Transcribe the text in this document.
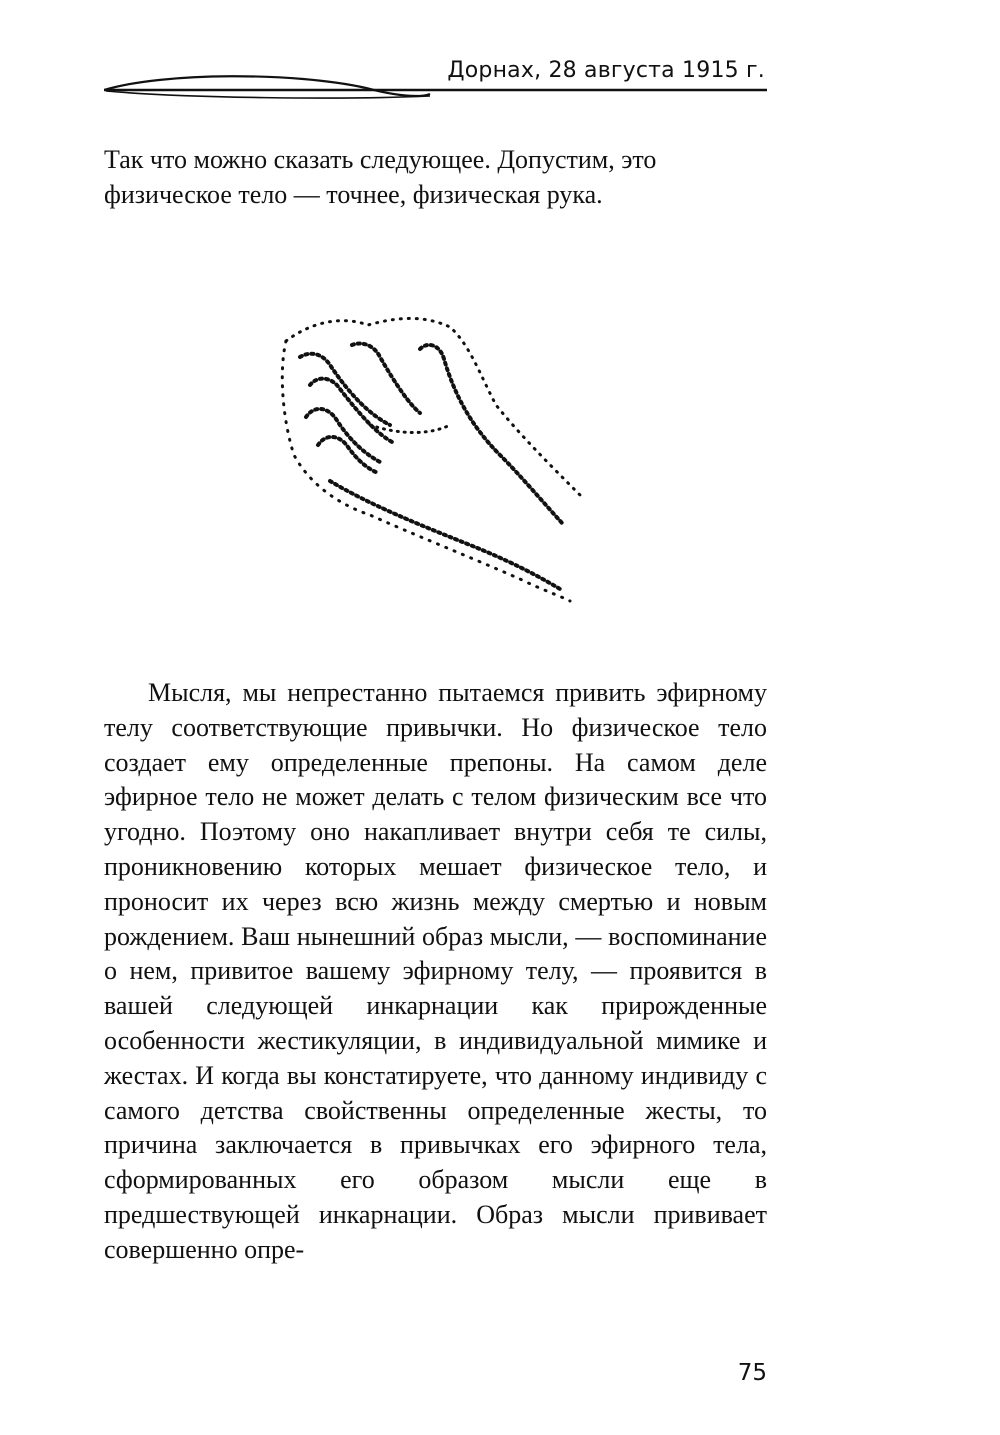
Дорнах, 28 августа 1915 г.

Так что можно сказать следующее. Допустим, это физическое тело — точнее, физическая рука.

Мысля, мы непрестанно пытаемся привить эфирному телу соответствующие привычки. Но физическое тело создает ему определенные препоны. На самом деле эфирное тело не может делать с телом физическим все что угодно. Поэтому оно накапливает внутри себя те силы, проникновению которых мешает физическое тело, и проносит их через всю жизнь между смертью и новым рождением. Ваш нынешний образ мысли, — воспоминание о нем, привитое вашему эфирному телу, — проявится в вашей следующей инкарнации как прирожденные особенности жестикуляции, в индивидуальной мимике и жестах. И когда вы констатируете, что данному индивиду с самого детства свойственны определенные жесты, то причина заключается в привычках его эфирного тела, сформированных его образом мысли еще в предшествующей инкарнации. Образ мысли прививает совершенно опре-

75
